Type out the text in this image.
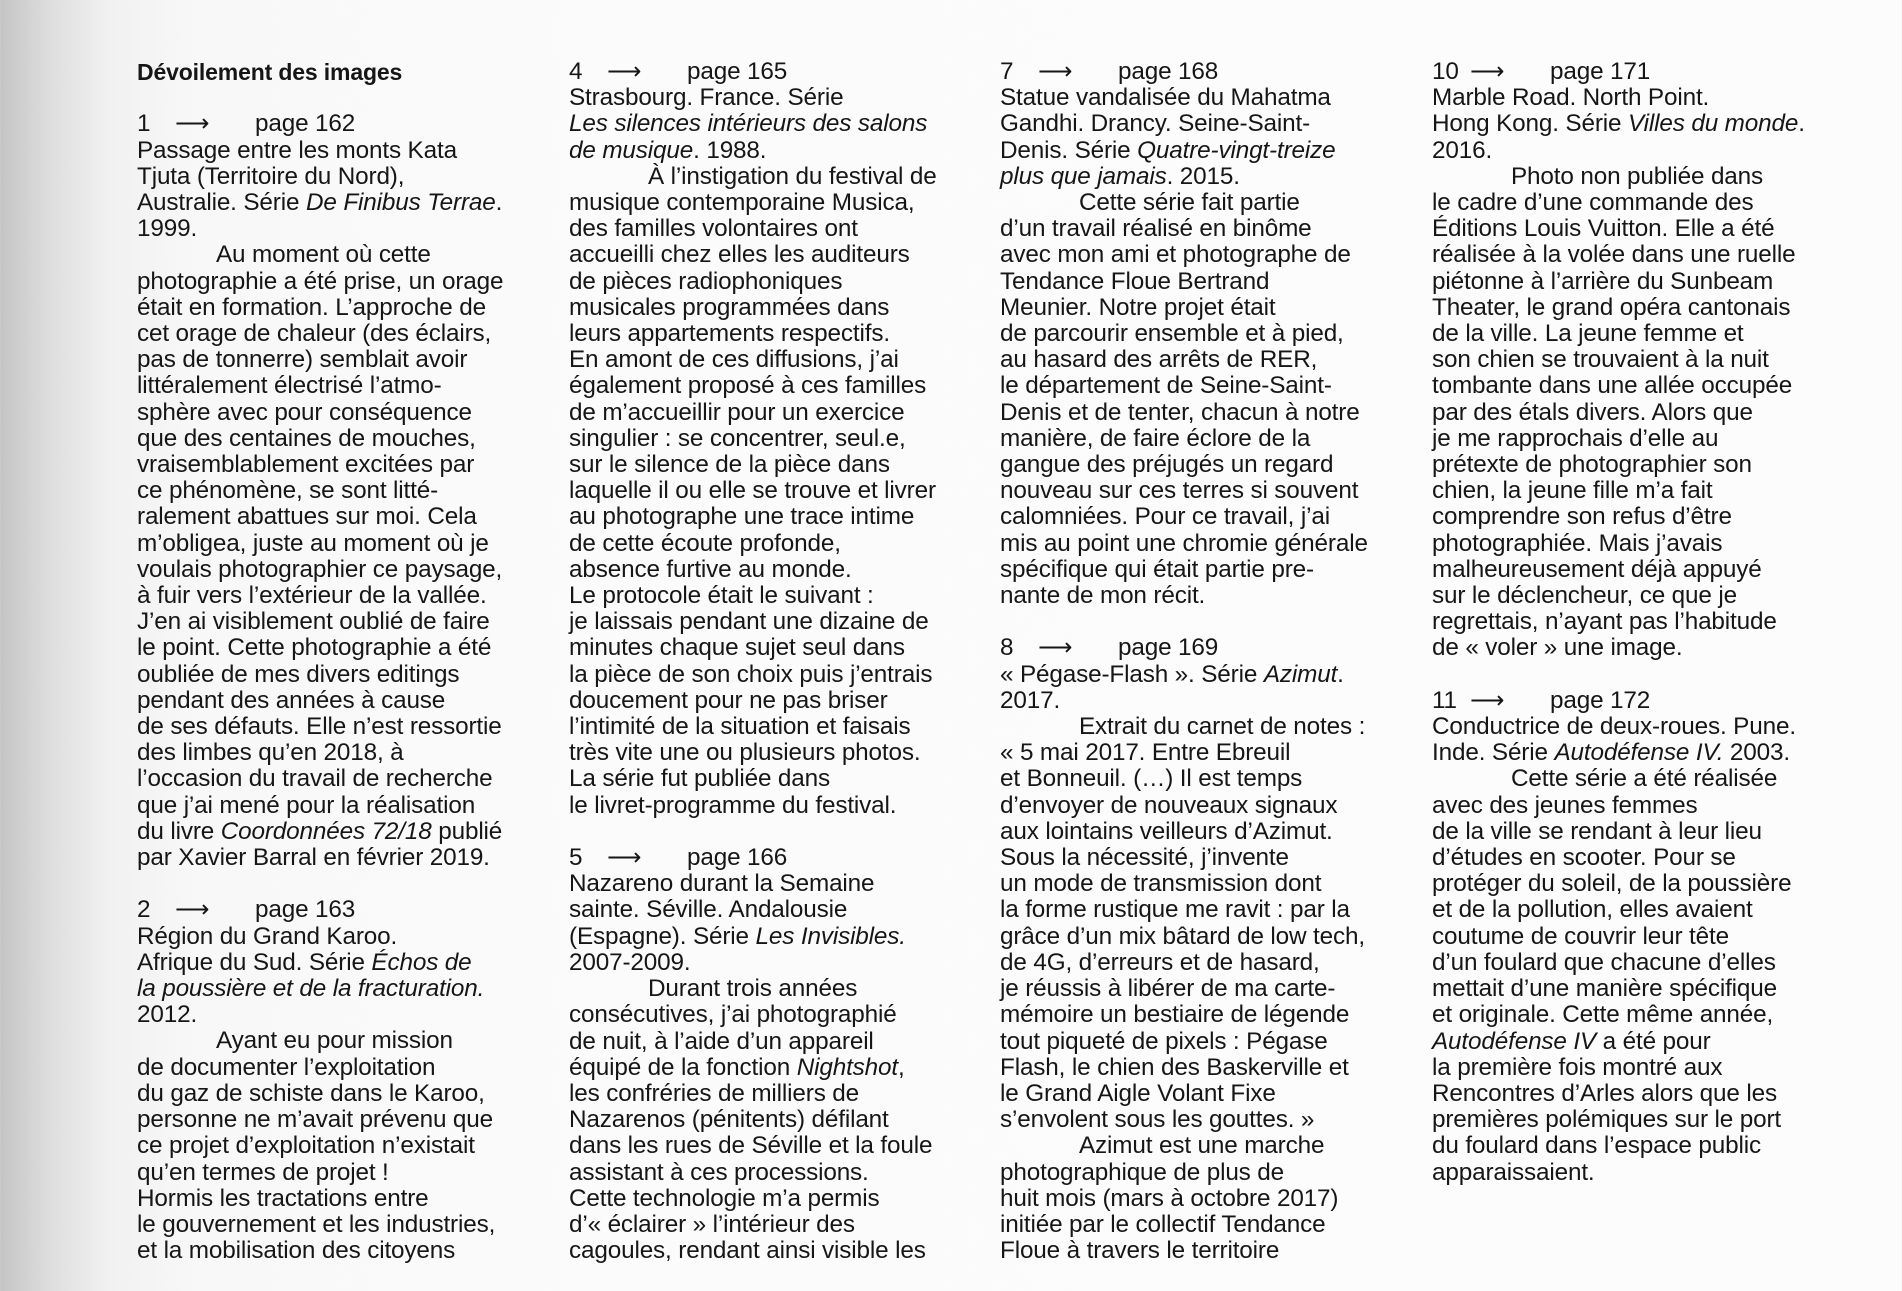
Dévoilement des images
1 ⟶ page 162
Passage entre les monts Kata
Tjuta (Territoire du Nord),
Australie. Série De Finibus Terrae.
1999.
Au moment où cette
photographie a été prise, un orage
était en formation. L’approche de
cet orage de chaleur (des éclairs,
pas de tonnerre) semblait avoir
littéralement électrisé l’atmo-
sphère avec pour conséquence
que des centaines de mouches,
vraisemblablement excitées par
ce phénomène, se sont litté-
ralement abattues sur moi. Cela
m’obligea, juste au moment où je
voulais photographier ce paysage,
à fuir vers l’extérieur de la vallée.
J’en ai visiblement oublié de faire
le point. Cette photographie a été
oubliée de mes divers editings
pendant des années à cause
de ses défauts. Elle n’est ressortie
des limbes qu’en 2018, à
l’occasion du travail de recherche
que j’ai mené pour la réalisation
du livre Coordonnées 72/18 publié
par Xavier Barral en février 2019.
2 ⟶ page 163
Région du Grand Karoo.
Afrique du Sud. Série Échos de
la poussière et de la fracturation.
2012.
Ayant eu pour mission
de documenter l’exploitation
du gaz de schiste dans le Karoo,
personne ne m’avait prévenu que
ce projet d’exploitation n’existait
qu’en termes de projet !
Hormis les tractations entre
le gouvernement et les industries,
et la mobilisation des citoyens
4 ⟶ page 165
Strasbourg. France. Série
Les silences intérieurs des salons
de musique. 1988.
À l’instigation du festival de
musique contemporaine Musica,
des familles volontaires ont
accueilli chez elles les auditeurs
de pièces radiophoniques
musicales programmées dans
leurs appartements respectifs.
En amont de ces diffusions, j’ai
également proposé à ces familles
de m’accueillir pour un exercice
singulier : se concentrer, seul.e,
sur le silence de la pièce dans
laquelle il ou elle se trouve et livrer
au photographe une trace intime
de cette écoute profonde,
absence furtive au monde.
Le protocole était le suivant :
je laissais pendant une dizaine de
minutes chaque sujet seul dans
la pièce de son choix puis j’entrais
doucement pour ne pas briser
l’intimité de la situation et faisais
très vite une ou plusieurs photos.
La série fut publiée dans
le livret-programme du festival.
5 ⟶ page 166
Nazareno durant la Semaine
sainte. Séville. Andalousie
(Espagne). Série Les Invisibles.
2007-2009.
Durant trois années
consécutives, j’ai photographié
de nuit, à l’aide d’un appareil
équipé de la fonction Nightshot,
les confréries de milliers de
Nazarenos (pénitents) défilant
dans les rues de Séville et la foule
assistant à ces processions.
Cette technologie m’a permis
d’« éclairer » l’intérieur des
cagoules, rendant ainsi visible les
7 ⟶ page 168
Statue vandalisée du Mahatma
Gandhi. Drancy. Seine-Saint-
Denis. Série Quatre-vingt-treize
plus que jamais. 2015.
Cette série fait partie
d’un travail réalisé en binôme
avec mon ami et photographe de
Tendance Floue Bertrand
Meunier. Notre projet était
de parcourir ensemble et à pied,
au hasard des arrêts de RER,
le département de Seine-Saint-
Denis et de tenter, chacun à notre
manière, de faire éclore de la
gangue des préjugés un regard
nouveau sur ces terres si souvent
calomniées. Pour ce travail, j’ai
mis au point une chromie générale
spécifique qui était partie pre-
nante de mon récit.
8 ⟶ page 169
« Pégase-Flash ». Série Azimut.
2017.
Extrait du carnet de notes :
« 5 mai 2017. Entre Ebreuil
et Bonneuil. (…) Il est temps
d’envoyer de nouveaux signaux
aux lointains veilleurs d’Azimut.
Sous la nécessité, j’invente
un mode de transmission dont
la forme rustique me ravit : par la
grâce d’un mix bâtard de low tech,
de 4G, d’erreurs et de hasard,
je réussis à libérer de ma carte-
mémoire un bestiaire de légende
tout piqueté de pixels : Pégase
Flash, le chien des Baskerville et
le Grand Aigle Volant Fixe
s’envolent sous les gouttes. »
Azimut est une marche
photographique de plus de
huit mois (mars à octobre 2017)
initiée par le collectif Tendance
Floue à travers le territoire
10 ⟶ page 171
Marble Road. North Point.
Hong Kong. Série Villes du monde.
2016.
Photo non publiée dans
le cadre d’une commande des
Éditions Louis Vuitton. Elle a été
réalisée à la volée dans une ruelle
piétonne à l’arrière du Sunbeam
Theater, le grand opéra cantonais
de la ville. La jeune femme et
son chien se trouvaient à la nuit
tombante dans une allée occupée
par des étals divers. Alors que
je me rapprochais d’elle au
prétexte de photographier son
chien, la jeune fille m’a fait
comprendre son refus d’être
photographiée. Mais j’avais
malheureusement déjà appuyé
sur le déclencheur, ce que je
regrettais, n’ayant pas l’habitude
de « voler » une image.
11 ⟶ page 172
Conductrice de deux-roues. Pune.
Inde. Série Autodéfense IV. 2003.
Cette série a été réalisée
avec des jeunes femmes
de la ville se rendant à leur lieu
d’études en scooter. Pour se
protéger du soleil, de la poussière
et de la pollution, elles avaient
coutume de couvrir leur tête
d’un foulard que chacune d’elles
mettait d’une manière spécifique
et originale. Cette même année,
Autodéfense IV a été pour
la première fois montré aux
Rencontres d’Arles alors que les
premières polémiques sur le port
du foulard dans l’espace public
apparaissaient.
